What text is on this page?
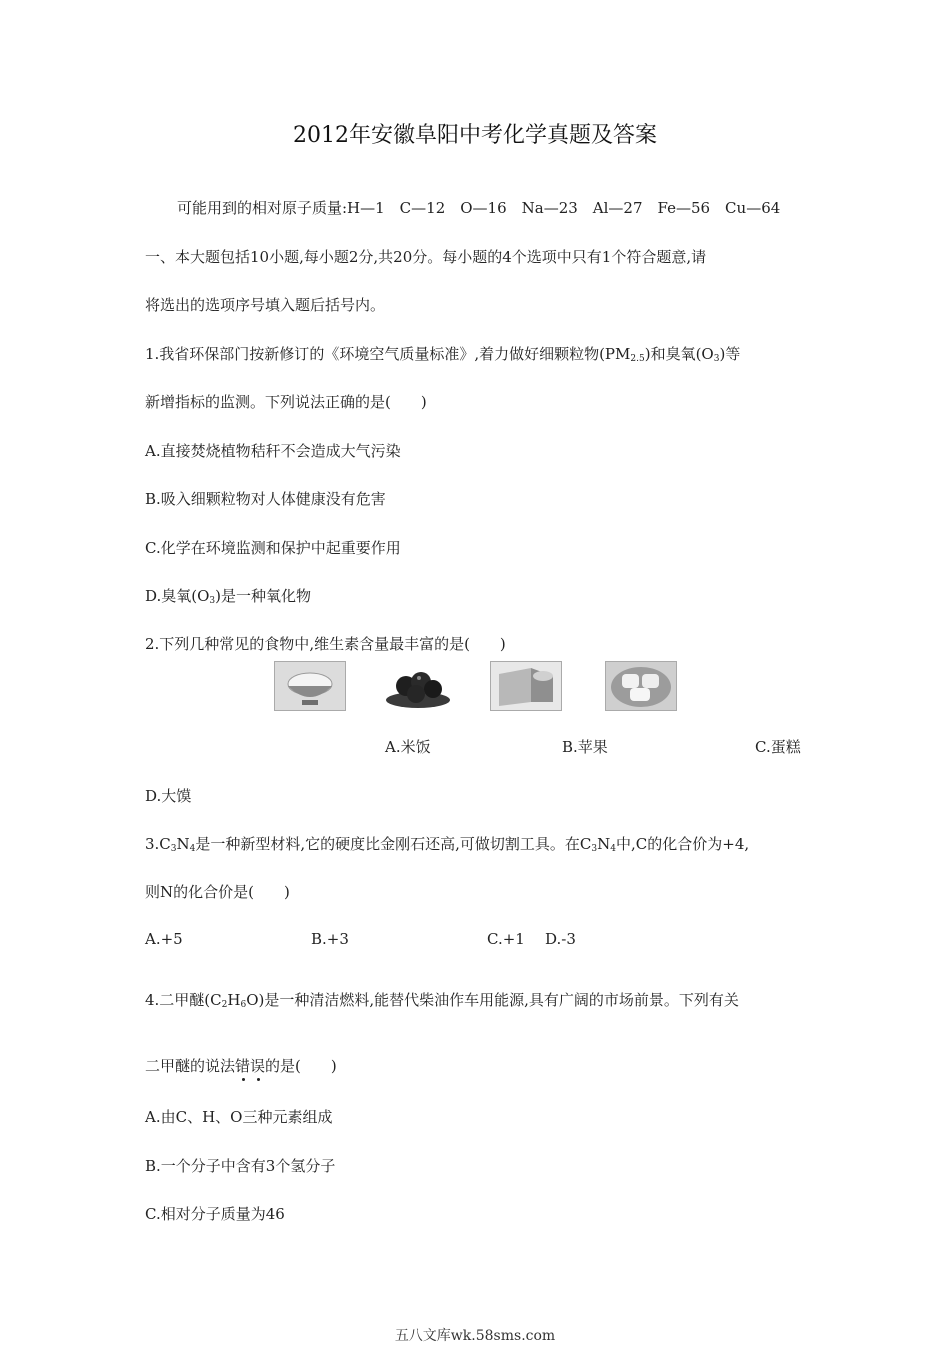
2012年安徽阜阳中考化学真题及答案
可能用到的相对原子质量:H—1　C—12　O—16　Na—23　Al—27　Fe—56　Cu—64
一、本大题包括10小题,每小题2分,共20分。每小题的4个选项中只有1个符合题意,请
将选出的选项序号填入题后括号内。
1.我省环保部门按新修订的《环境空气质量标准》,着力做好细颗粒物$(PM_{2.5})$和臭氧$(O_3)$等
新增指标的监测。下列说法正确的是(　　)
A.直接焚烧植物秸秆不会造成大气污染
B.吸入细颗粒物对人体健康没有危害
C.化学在环境监测和保护中起重要作用
D.臭氧$(O_3)$是一种氧化物
2.下列几种常见的食物中,维生素含量最丰富的是(　　)
A.米饭	B.苹果	C.蛋糕
D.大馍
$3.C_3N_4$是一种新型材料,它的硬度比金刚石还高,可做切割工具。在$C_3N_4$中,C的化合价为+4,
则N的化合价是(　　)
A.+5	B.+3	C.+1 D.-3
4.二甲醚$(C_2H_6O)$是一种清洁燃料,能替代柴油作车用能源,具有广阔的市场前景。下列有关
二甲醚的说法错误的是(　　)
A.由C、H、O三种元素组成
B.一个分子中含有3个氢分子
C.相对分子质量为46
五八文库wk.58sms.com
